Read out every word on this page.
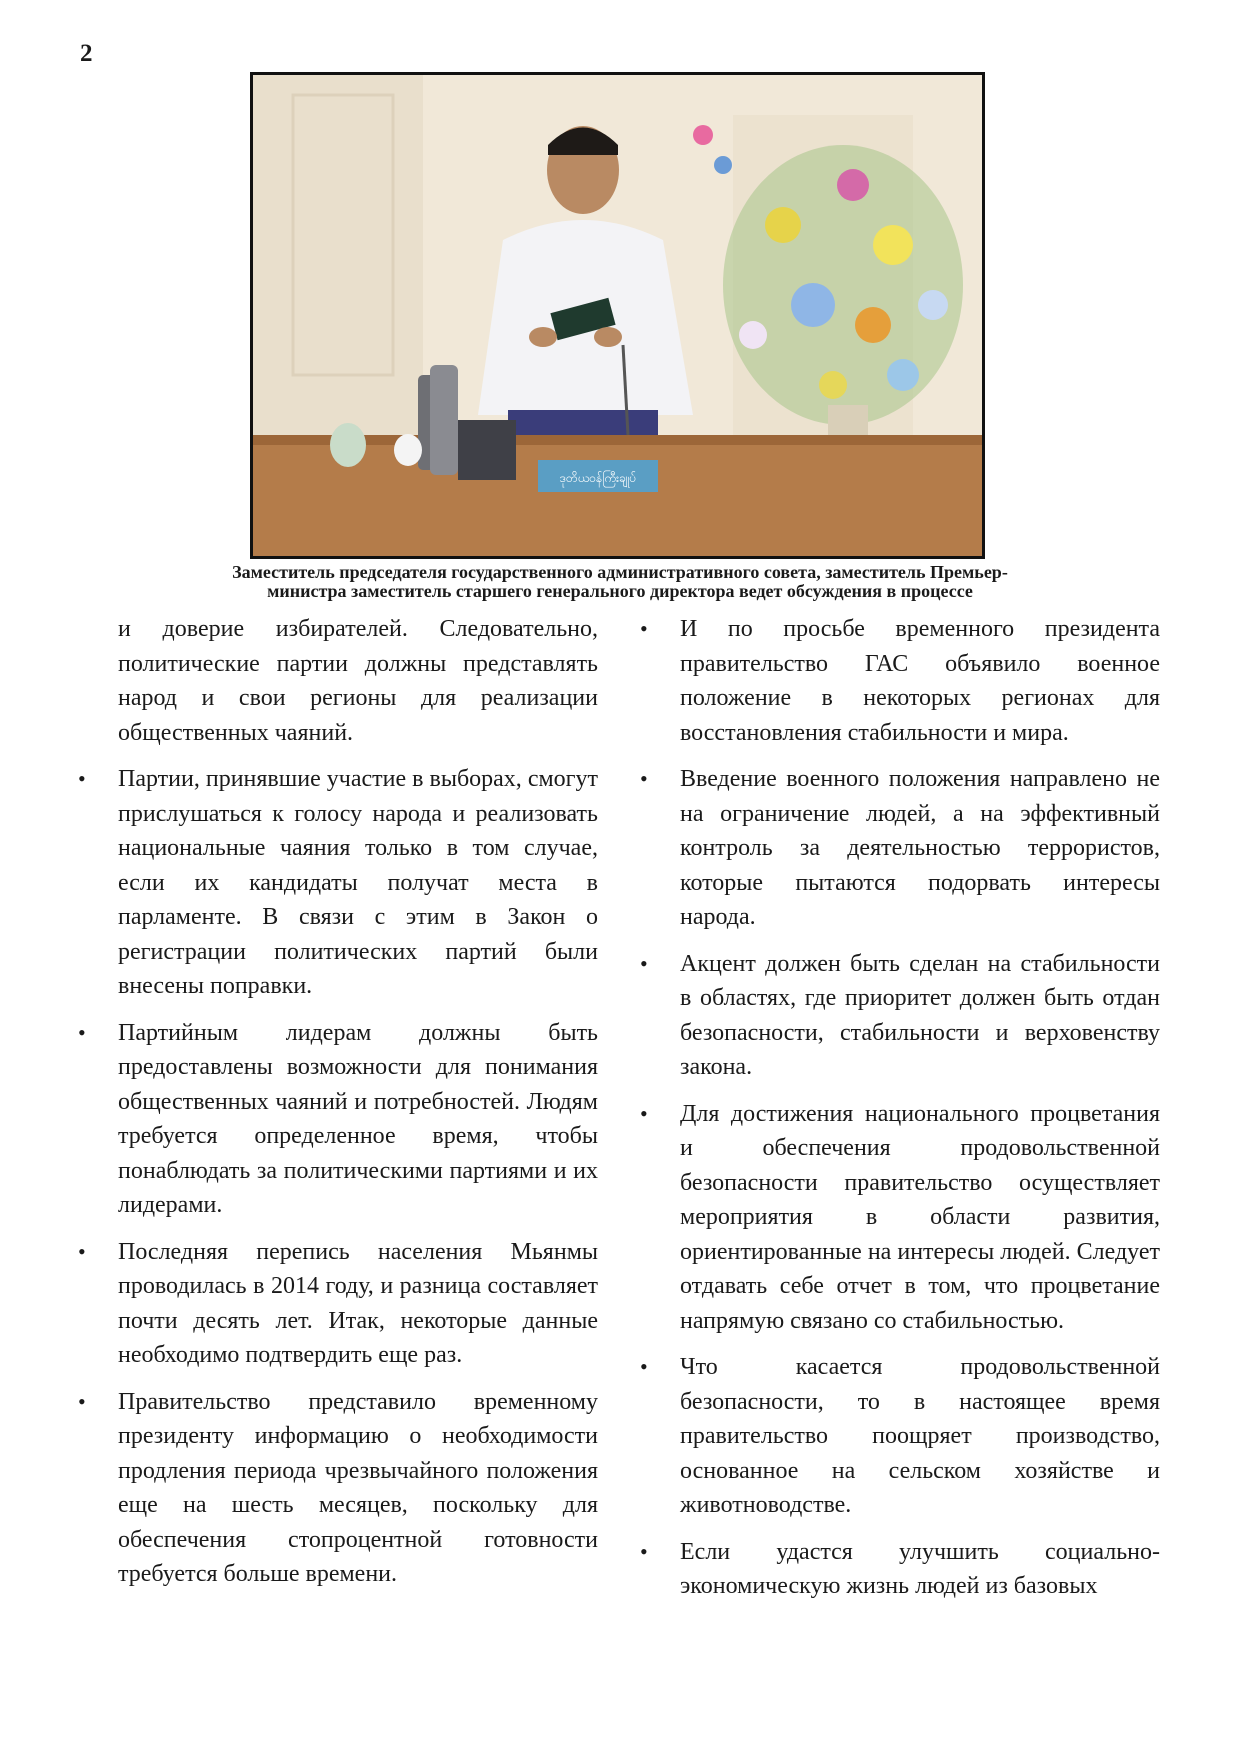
2
ဒုတိယဝန်ကြီးချုပ်
Заместитель председателя государственного административного совета, заместитель Премьер-
министра заместитель старшего генерального директора ведет обсуждения в процессе

и доверие избирателей. Следовательно, политические партии должны представлять народ и свои регионы для реализации общественных чаяний.

• Партии, принявшие участие в выборах, смогут прислушаться к голосу народа и реализовать национальные чаяния только в том случае, если их кандидаты получат места в парламенте. В связи с этим в Закон о регистрации политических партий были внесены поправки.

• Партийным лидерам должны быть предоставлены возможности для понимания общественных чаяний и потребностей. Людям требуется определенное время, чтобы понаблюдать за политическими партиями и их лидерами.

• Последняя перепись населения Мьянмы проводилась в 2014 году, и разница составляет почти десять лет. Итак, некоторые данные необходимо подтвердить еще раз.

• Правительство представило временному президенту информацию о необходимости продления периода чрезвычайного положения еще на шесть месяцев, поскольку для обеспечения стопроцентной готовности требуется больше времени.

• И по просьбе временного президента правительство ГАС объявило военное положение в некоторых регионах для восстановления стабильности и мира.

• Введение военного положения направлено не на ограничение людей, а на эффективный контроль за деятельностью террористов, которые пытаются подорвать интересы народа.

• Акцент должен быть сделан на стабильности в областях, где приоритет должен быть отдан безопасности, стабильности и верховенству закона.

• Для достижения национального процветания и обеспечения продовольственной безопасности правительство осуществляет мероприятия в области развития, ориентированные на интересы людей. Следует отдавать себе отчет в том, что процветание напрямую связано со стабильностью.

• Что касается продовольственной безопасности, то в настоящее время правительство поощряет производство, основанное на сельском хозяйстве и животноводстве.

• Если удастся улучшить социально-экономическую жизнь людей из базовых
